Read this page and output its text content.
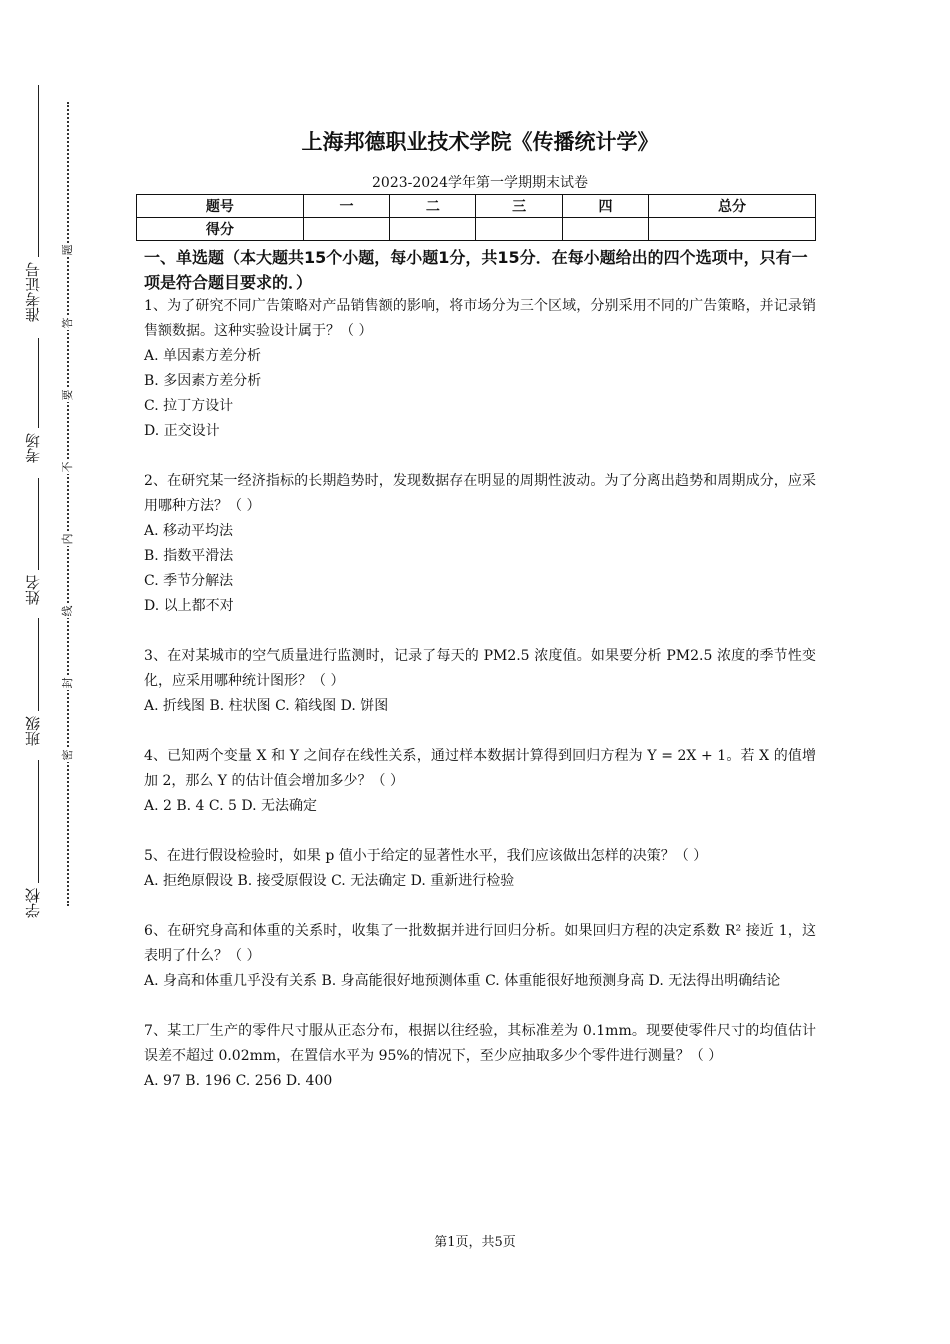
准考证号
考场
姓名
班级
学校
题
答
要
不
内
线
封
密
上海邦德职业技术学院《传播统计学》
2023-2024学年第一学期期末试卷
题号	一	二	三	四	总分
得分					

一、单选题（本大题共15个小题，每小题1分，共15分．在每小题给出的四个选项中，只有一项是符合题目要求的．）

1、为了研究不同广告策略对产品销售额的影响，将市场分为三个区域，分别采用不同的广告策略，并记录销售额数据。这种实验设计属于？（ ）

A. 单因素方差分析

B. 多因素方差分析

C. 拉丁方设计

D. 正交设计

2、在研究某一经济指标的长期趋势时，发现数据存在明显的周期性波动。为了分离出趋势和周期成分，应采用哪种方法？（ ）

A. 移动平均法

B. 指数平滑法

C. 季节分解法

D. 以上都不对

3、在对某城市的空气质量进行监测时，记录了每天的 PM2.5 浓度值。如果要分析 PM2.5 浓度的季节性变化，应采用哪种统计图形？（ ）

A. 折线图 B. 柱状图 C. 箱线图 D. 饼图

4、已知两个变量 X 和 Y 之间存在线性关系，通过样本数据计算得到回归方程为 Y = 2X + 1。若 X 的值增加 2，那么 Y 的估计值会增加多少？（ ）

A. 2 B. 4 C. 5 D. 无法确定

5、在进行假设检验时，如果 p 值小于给定的显著性水平，我们应该做出怎样的决策？（ ）

A. 拒绝原假设 B. 接受原假设 C. 无法确定 D. 重新进行检验

6、在研究身高和体重的关系时，收集了一批数据并进行回归分析。如果回归方程的决定系数 R² 接近 1，这表明了什么？（ ）

A. 身高和体重几乎没有关系 B. 身高能很好地预测体重 C. 体重能很好地预测身高 D. 无法得出明确结论

7、某工厂生产的零件尺寸服从正态分布，根据以往经验，其标准差为 0.1mm。现要使零件尺寸的均值估计误差不超过 0.02mm，在置信水平为 95%的情况下，至少应抽取多少个零件进行测量？（ ）

A. 97 B. 196 C. 256 D. 400

第1页，共5页
